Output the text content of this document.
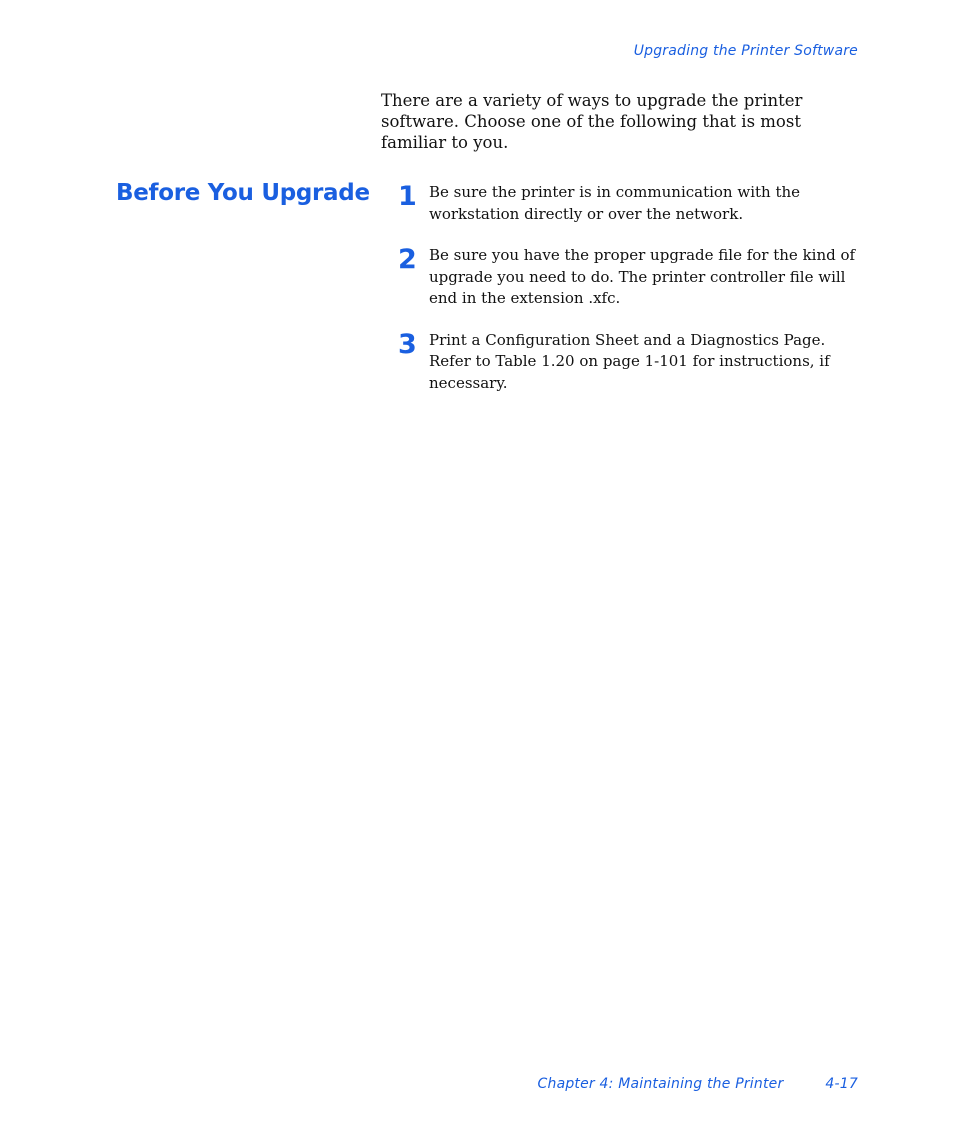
Upgrading the Printer Software

There are a variety of ways to upgrade the printer software. Choose one of the following that is most familiar to you.

Before You Upgrade 1 Be sure the printer is in communication with the workstation directly or over the network.
2 Be sure you have the proper upgrade file for the kind of upgrade you need to do. The printer controller file will end in the extension .xfc.
3 Print a Configuration Sheet and a Diagnostics Page. Refer to Table 1.20 on page 1-101 for instructions, if necessary.
Chapter 4: Maintaining the Printer	4-17
